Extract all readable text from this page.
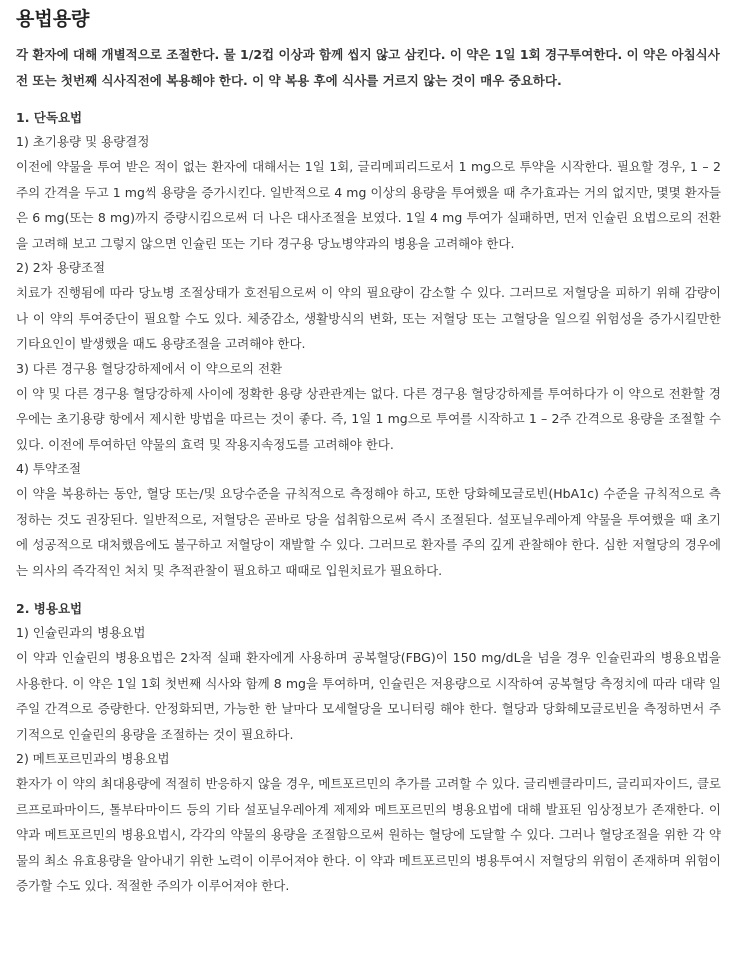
용법용량

각 환자에 대해 개별적으로 조절한다. 물 1/2컵 이상과 함께 씹지 않고 삼킨다. 이 약은 1일 1회 경구투여한다. 이 약은 아침식사 전 또는 첫번째 식사직전에 복용해야 한다. 이 약 복용 후에 식사를 거르지 않는 것이 매우 중요하다.

1. 단독요법
1) 초기용량 및 용량결정

이전에 약물을 투여 받은 적이 없는 환자에 대해서는 1일 1회, 글리메피리드로서 1 mg으로 투약을 시작한다. 필요할 경우, 1 – 2주의 간격을 두고 1 mg씩 용량을 증가시킨다. 일반적으로 4 mg 이상의 용량을 투여했을 때 추가효과는 거의 없지만, 몇몇 환자들은 6 mg(또는 8 mg)까지 증량시킴으로써 더 나은 대사조절을 보였다. 1일 4 mg 투여가 실패하면, 먼저 인슐린 요법으로의 전환을 고려해 보고 그렇지 않으면 인슐린 또는 기타 경구용 당뇨병약과의 병용을 고려해야 한다.

2) 2차 용량조절

치료가 진행됨에 따라 당뇨병 조절상태가 호전됨으로써 이 약의 필요량이 감소할 수 있다. 그러므로 저혈당을 피하기 위해 감량이나 이 약의 투여중단이 필요할 수도 있다. 체중감소, 생활방식의 변화, 또는 저혈당 또는 고혈당을 일으킬 위험성을 증가시킬만한 기타요인이 발생했을 때도 용량조절을 고려해야 한다.

3) 다른 경구용 혈당강하제에서 이 약으로의 전환

이 약 및 다른 경구용 혈당강하제 사이에 정확한 용량 상관관계는 없다. 다른 경구용 혈당강하제를 투여하다가 이 약으로 전환할 경우에는 초기용량 항에서 제시한 방법을 따르는 것이 좋다. 즉, 1일 1 mg으로 투여를 시작하고 1 – 2주 간격으로 용량을 조절할 수 있다. 이전에 투여하던 약물의 효력 및 작용지속정도를 고려해야 한다.

4) 투약조절

이 약을 복용하는 동안, 혈당 또는/및 요당수준을 규칙적으로 측정해야 하고, 또한 당화헤모글로빈(HbA1c) 수준을 규칙적으로 측정하는 것도 권장된다. 일반적으로, 저혈당은 곧바로 당을 섭취함으로써 즉시 조절된다. 설포닐우레아계 약물을 투여했을 때 초기에 성공적으로 대처했음에도 불구하고 저혈당이 재발할 수 있다. 그러므로 환자를 주의 깊게 관찰해야 한다. 심한 저혈당의 경우에는 의사의 즉각적인 처치 및 추적관찰이 필요하고 때때로 입원치료가 필요하다.

2. 병용요법
1) 인슐린과의 병용요법

이 약과 인슐린의 병용요법은 2차적 실패 환자에게 사용하며 공복혈당(FBG)이 150 mg/dL을 넘을 경우 인슐린과의 병용요법을 사용한다. 이 약은 1일 1회 첫번째 식사와 함께 8 mg을 투여하며, 인슐린은 저용량으로 시작하여 공복혈당 측정치에 따라 대략 일주일 간격으로 증량한다. 안정화되면, 가능한 한 날마다 모세혈당을 모니터링 해야 한다. 혈당과 당화헤모글로빈을 측정하면서 주기적으로 인슐린의 용량을 조절하는 것이 필요하다.

2) 메트포르민과의 병용요법

환자가 이 약의 최대용량에 적절히 반응하지 않을 경우, 메트포르민의 추가를 고려할 수 있다. 글리벤클라미드, 글리피자이드, 클로르프로파마이드, 톨부타마이드 등의 기타 설포닐우레아계 제제와 메트포르민의 병용요법에 대해 발표된 임상정보가 존재한다. 이 약과 메트포르민의 병용요법시, 각각의 약물의 용량을 조절함으로써 원하는 혈당에 도달할 수 있다. 그러나 혈당조절을 위한 각 약물의 최소 유효용량을 알아내기 위한 노력이 이루어져야 한다. 이 약과 메트포르민의 병용투여시 저혈당의 위험이 존재하며 위험이 증가할 수도 있다. 적절한 주의가 이루어져야 한다.
